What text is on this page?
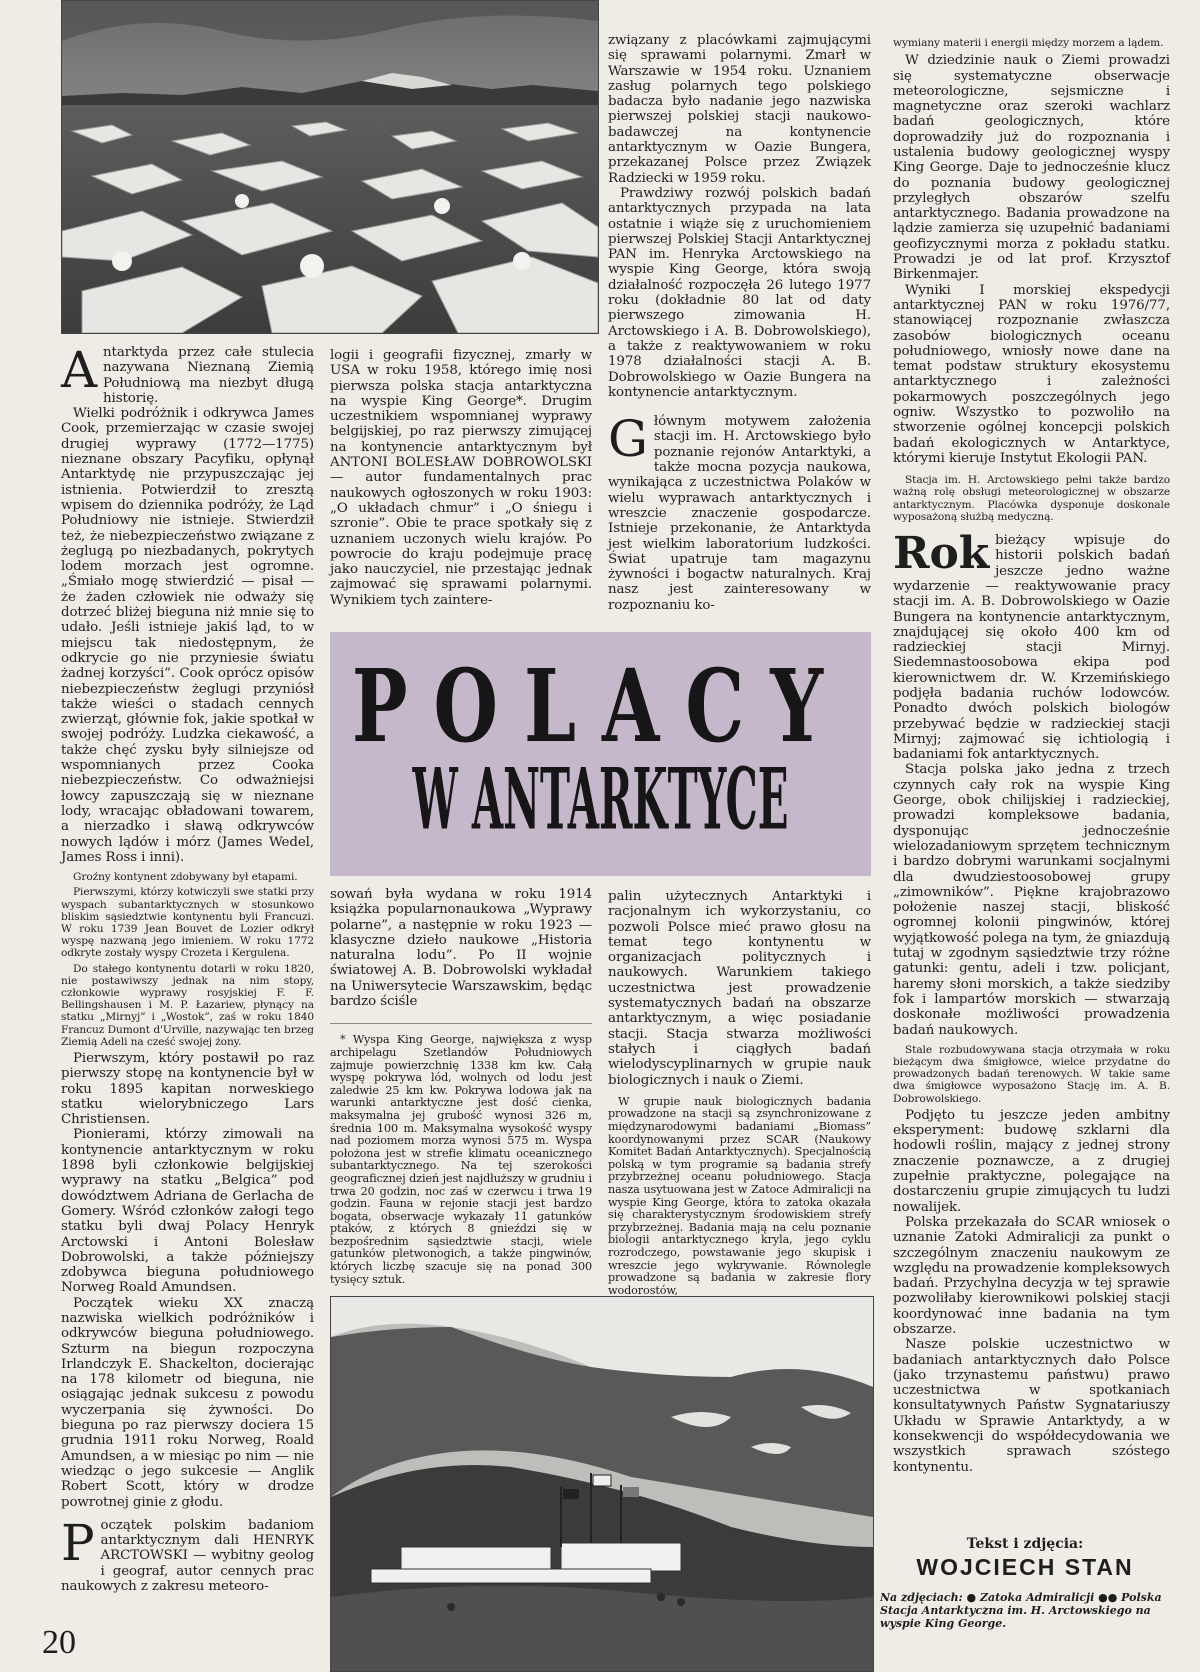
Antarktyda przez całe stulecia nazywana Nieznaną Ziemią Południową ma niezbyt długą historię.

Wielki podróżnik i odkrywca James Cook, przemierzając w czasie swojej drugiej wyprawy (1772—1775) nieznane obszary Pacyfiku, opłynął Antarktydę nie przypuszczając jej istnienia. Potwierdził to zresztą wpisem do dziennika podróży, że Ląd Południowy nie istnieje. Stwierdził też, że niebezpieczeństwo związane z żeglugą po niezbadanych, pokrytych lodem morzach jest ogromne. „Śmiało mogę stwierdzić — pisał — że żaden człowiek nie odważy się dotrzeć bliżej bieguna niż mnie się to udało. Jeśli istnieje jakiś ląd, to w miejscu tak niedostępnym, że odkrycie go nie przyniesie światu żadnej korzyści”. Cook oprócz opisów niebezpieczeństw żeglugi przyniósł także wieści o stadach cennych zwierząt, głównie fok, jakie spotkał w swojej podróży. Ludzka ciekawość, a także chęć zysku były silniejsze od wspomnianych przez Cooka niebezpieczeństw. Co odważniejsi łowcy zapuszczają się w nieznane lody, wracając obładowani towarem, a nierzadko i sławą odkrywców nowych lądów i mórz (James Wedel, James Ross i inni).

Groźny kontynent zdobywany był etapami.

Pierwszymi, którzy kotwiczyli swe statki przy wyspach subantarktycznych w stosunkowo bliskim sąsiedztwie kontynentu byli Francuzi. W roku 1739 Jean Bouvet de Lozier odkrył wyspę nazwaną jego imieniem. W roku 1772 odkryte zostały wyspy Crozeta i Kergulena.

Do stałego kontynentu dotarli w roku 1820, nie postawiwszy jednak na nim stopy, członkowie wyprawy rosyjskiej F. F. Bellingshausen i M. P. Łazariew, płynący na statku „Mirnyj” i „Wostok”, zaś w roku 1840 Francuz Dumont d'Urville, nazywając ten brzeg Ziemią Adeli na cześć swojej żony.

Pierwszym, który postawił po raz pierwszy stopę na kontynencie był w roku 1895 kapitan norweskiego statku wielorybniczego Lars Christiensen.

Pionierami, którzy zimowali na kontynencie antarktycznym w roku 1898 byli członkowie belgijskiej wyprawy na statku „Belgica” pod dowództwem Adriana de Gerlacha de Gomery. Wśród członków załogi tego statku byli dwaj Polacy Henryk Arctowski i Antoni Bolesław Dobrowolski, a także późniejszy zdobywca bieguna południowego Norweg Roald Amundsen.

Początek wieku XX znaczą nazwiska wielkich podróżników i odkrywców bieguna południowego. Szturm na biegun rozpoczyna Irlandczyk E. Shackelton, docierając na 178 kilometr od bieguna, nie osiągając jednak sukcesu z powodu wyczerpania się żywności. Do bieguna po raz pierwszy dociera 15 grudnia 1911 roku Norweg, Roald Amundsen, a w miesiąc po nim — nie wiedząc o jego sukcesie — Anglik Robert Scott, który w drodze powrotnej ginie z głodu.

Początek polskim badaniom antarktycznym dali HENRYK ARCTOWSKI — wybitny geolog i geograf, autor cennych prac naukowych z zakresu meteoro-

logii i geografii fizycznej, zmarły w USA w roku 1958, którego imię nosi pierwsza polska stacja antarktyczna na wyspie King George*. Drugim uczestnikiem wspomnianej wyprawy belgijskiej, po raz pierwszy zimującej na kontynencie antarktycznym był ANTONI BOLESŁAW DOBROWOLSKI — autor fundamentalnych prac naukowych ogłoszonych w roku 1903: „O układach chmur” i „O śniegu i szronie”. Obie te prace spotkały się z uznaniem uczonych wielu krajów. Po powrocie do kraju podejmuje pracę jako nauczyciel, nie przestając jednak zajmować się sprawami polarnymi. Wynikiem tych zaintere-

związany z placówkami zajmującymi się sprawami polarnymi. Zmarł w Warszawie w 1954 roku. Uznaniem zasług polarnych tego polskiego badacza było nadanie jego nazwiska pierwszej polskiej stacji naukowo-badawczej na kontynencie antarktycznym w Oazie Bungera, przekazanej Polsce przez Związek Radziecki w 1959 roku.

Prawdziwy rozwój polskich badań antarktycznych przypada na lata ostatnie i wiąże się z uruchomieniem pierwszej Polskiej Stacji Antarktycznej PAN im. Henryka Arctowskiego na wyspie King George, która swoją działalność rozpoczęła 26 lutego 1977 roku (dokładnie 80 lat od daty pierwszego zimowania H. Arctowskiego i A. B. Dobrowolskiego), a także z reaktywowaniem w roku 1978 działalności stacji A. B. Dobrowolskiego w Oazie Bungera na kontynencie antarktycznym.

Głównym motywem założenia stacji im. H. Arctowskiego było poznanie rejonów Antarktyki, a także mocna pozycja naukowa, wynikająca z uczestnictwa Polaków w wielu wyprawach antarktycznych i wreszcie znaczenie gospodarcze. Istnieje przekonanie, że Antarktyda jest wielkim laboratorium ludzkości. Świat upatruje tam magazynu żywności i bogactw naturalnych. Kraj nasz jest zainteresowany w rozpoznaniu ko-

POLACY
W ANTARKTYCE

sowań była wydana w roku 1914 książka popularnonaukowa „Wyprawy polarne”, a następnie w roku 1923 — klasyczne dzieło naukowe „Historia naturalna lodu”. Po II wojnie światowej A. B. Dobrowolski wykładał na Uniwersytecie Warszawskim, będąc bardzo ściśle

* Wyspa King George, największa z wysp archipelagu Szetlandów Południowych zajmuje powierzchnię 1338 km kw. Całą wyspę pokrywa lód, wolnych od lodu jest zaledwie 25 km kw. Pokrywa lodowa jak na warunki antarktyczne jest dość cienka, maksymalna jej grubość wynosi 326 m, średnia 100 m. Maksymalna wysokość wyspy nad poziomem morza wynosi 575 m. Wyspa położona jest w strefie klimatu oceanicznego subantarktycznego. Na tej szerokości geograficznej dzień jest najdłuższy w grudniu i trwa 20 godzin, noc zaś w czerwcu i trwa 19 godzin. Fauna w rejonie stacji jest bardzo bogata, obserwacje wykazały 11 gatunków ptaków, z których 8 gnieździ się w bezpośrednim sąsiedztwie stacji, wiele gatunków pletwonogich, a także pingwinów, których liczbę szacuje się na ponad 300 tysięcy sztuk.

palin użytecznych Antarktyki i racjonalnym ich wykorzystaniu, co pozwoli Polsce mieć prawo głosu na temat tego kontynentu w organizacjach politycznych i naukowych. Warunkiem takiego uczestnictwa jest prowadzenie systematycznych badań na obszarze antarktycznym, a więc posiadanie stacji. Stacja stwarza możliwości stałych i ciągłych badań wielodyscyplinarnych w grupie nauk biologicznych i nauk o Ziemi.

W grupie nauk biologicznych badania prowadzone na stacji są zsynchronizowane z międzynarodowymi badaniami „Biomass” koordynowanymi przez SCAR (Naukowy Komitet Badań Antarktycznych). Specjalnością polską w tym programie są badania strefy przybrzeżnej oceanu południowego. Stacja nasza usytuowana jest w Zatoce Admiralicji na wyspie King George, która to zatoka okazała się charakterystycznym środowiskiem strefy przybrzeżnej. Badania mają na celu poznanie biologii antarktycznego kryla, jego cyklu rozrodczego, powstawanie jego skupisk i wreszcie jego wykrywanie. Równolegle prowadzone są badania w zakresie flory wodorostów,

wymiany materii i energii między morzem a lądem.

W dziedzinie nauk o Ziemi prowadzi się systematyczne obserwacje meteorologiczne, sejsmiczne i magnetyczne oraz szeroki wachlarz badań geologicznych, które doprowadziły już do rozpoznania i ustalenia budowy geologicznej wyspy King George. Daje to jednocześnie klucz do poznania budowy geologicznej przyległych obszarów szelfu antarktycznego. Badania prowadzone na lądzie zamierza się uzupełnić badaniami geofizycznymi morza z pokładu statku. Prowadzi je od lat prof. Krzysztof Birkenmajer.

Wyniki I morskiej ekspedycji antarktycznej PAN w roku 1976/77, stanowiącej rozpoznanie zwłaszcza zasobów biologicznych oceanu południowego, wniosły nowe dane na temat podstaw struktury ekosystemu antarktycznego i zależności pokarmowych poszczególnych jego ogniw. Wszystko to pozwoliło na stworzenie ogólnej koncepcji polskich badań ekologicznych w Antarktyce, którymi kieruje Instytut Ekologii PAN.

Stacja im. H. Arctowskiego pełni także bardzo ważną rolę obsługi meteorologicznej w obszarze antarktycznym. Placówka dysponuje doskonale wyposażoną służbą medyczną.

Rok bieżący wpisuje do historii polskich badań jeszcze jedno ważne wydarzenie — reaktywowanie pracy stacji im. A. B. Dobrowolskiego w Oazie Bungera na kontynencie antarktycznym, znajdującej się około 400 km od radzieckiej stacji Mirnyj. Siedemnastoosobowa ekipa pod kierownictwem dr. W. Krzemińskiego podjęła badania ruchów lodowców. Ponadto dwóch polskich biologów przebywać będzie w radzieckiej stacji Mirnyj; zajmować się ichtiologią i badaniami fok antarktycznych.

Stacja polska jako jedna z trzech czynnych cały rok na wyspie King George, obok chilijskiej i radzieckiej, prowadzi kompleksowe badania, dysponując jednocześnie wielozadaniowym sprzętem technicznym i bardzo dobrymi warunkami socjalnymi dla dwudziestoosobowej grupy „zimowników”. Piękne krajobrazowo położenie naszej stacji, bliskość ogromnej kolonii pingwinów, której wyjątkowość polega na tym, że gniazdują tutaj w zgodnym sąsiedztwie trzy różne gatunki: gentu, adeli i tzw. policjant, haremy słoni morskich, a także siedziby fok i lampartów morskich — stwarzają doskonałe możliwości prowadzenia badań naukowych.

Stale rozbudowywana stacja otrzymała w roku bieżącym dwa śmigłowce, wielce przydatne do prowadzonych badań terenowych. W takie same dwa śmigłowce wyposażono Stację im. A. B. Dobrowolskiego.

Podjęto tu jeszcze jeden ambitny eksperyment: budowę szklarni dla hodowli roślin, mający z jednej strony znaczenie poznawcze, a z drugiej zupełnie praktyczne, polegające na dostarczeniu grupie zimujących tu ludzi nowalijek.

Polska przekazała do SCAR wniosek o uznanie Zatoki Admiralicji za punkt o szczególnym znaczeniu naukowym ze względu na prowadzenie kompleksowych badań. Przychylna decyzja w tej sprawie pozwoliłaby kierownikowi polskiej stacji koordynować inne badania na tym obszarze.

Nasze polskie uczestnictwo w badaniach antarktycznych dało Polsce (jako trzynastemu państwu) prawo uczestnictwa w spotkaniach konsultatywnych Państw Sygnatariuszy Układu w Sprawie Antarktydy, a w konsekwencji do współdecydowania we wszystkich sprawach szóstego kontynentu.

Tekst i zdjęcia:
WOJCIECH STAN
Na zdjęciach: ● Zatoka Admiralicji ●● Polska Stacja Antarktyczna im. H. Arctowskiego na wyspie King George.
20
